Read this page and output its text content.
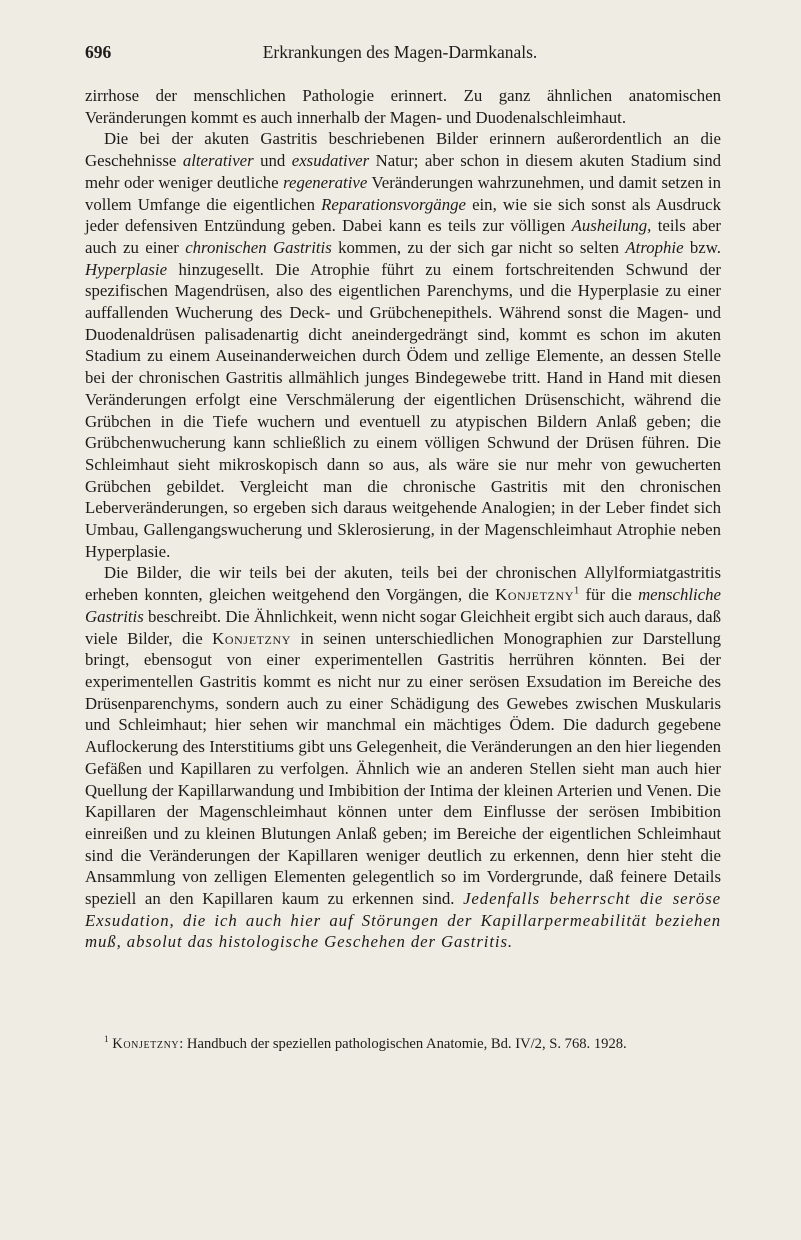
696	Erkrankungen des Magen-Darmkanals.

zirrhose der menschlichen Pathologie erinnert. Zu ganz ähnlichen anatomischen Veränderungen kommt es auch innerhalb der Magen- und Duodenalschleimhaut.

Die bei der akuten Gastritis beschriebenen Bilder erinnern außerordentlich an die Geschehnisse alterativer und exsudativer Natur; aber schon in diesem akuten Stadium sind mehr oder weniger deutliche regenerative Veränderungen wahrzunehmen, und damit setzen in vollem Umfange die eigentlichen Reparationsvorgänge ein, wie sie sich sonst als Ausdruck jeder defensiven Entzündung geben. Dabei kann es teils zur völligen Ausheilung, teils aber auch zu einer chronischen Gastritis kommen, zu der sich gar nicht so selten Atrophie bzw. Hyperplasie hinzugesellt. Die Atrophie führt zu einem fortschreitenden Schwund der spezifischen Magendrüsen, also des eigentlichen Parenchyms, und die Hyperplasie zu einer auffallenden Wucherung des Deck- und Grübchenepithels. Während sonst die Magen- und Duodenaldrüsen palisadenartig dicht aneindergedrängt sind, kommt es schon im akuten Stadium zu einem Auseinanderweichen durch Ödem und zellige Elemente, an dessen Stelle bei der chronischen Gastritis allmählich junges Bindegewebe tritt. Hand in Hand mit diesen Veränderungen erfolgt eine Verschmälerung der eigentlichen Drüsenschicht, während die Grübchen in die Tiefe wuchern und eventuell zu atypischen Bildern Anlaß geben; die Grübchenwucherung kann schließlich zu einem völligen Schwund der Drüsen führen. Die Schleimhaut sieht mikroskopisch dann so aus, als wäre sie nur mehr von gewucherten Grübchen gebildet. Vergleicht man die chronische Gastritis mit den chronischen Leberveränderungen, so ergeben sich daraus weitgehende Analogien; in der Leber findet sich Umbau, Gallengangswucherung und Sklerosierung, in der Magenschleimhaut Atrophie neben Hyperplasie.

Die Bilder, die wir teils bei der akuten, teils bei der chronischen Allylformiatgastritis erheben konnten, gleichen weitgehend den Vorgängen, die Konjetzny$^1$ für die menschliche Gastritis beschreibt. Die Ähnlichkeit, wenn nicht sogar Gleichheit ergibt sich auch daraus, daß viele Bilder, die Konjetzny in seinen unterschiedlichen Monographien zur Darstellung bringt, ebensogut von einer experimentellen Gastritis herrühren könnten. Bei der experimentellen Gastritis kommt es nicht nur zu einer serösen Exsudation im Bereiche des Drüsenparenchyms, sondern auch zu einer Schädigung des Gewebes zwischen Muskularis und Schleimhaut; hier sehen wir manchmal ein mächtiges Ödem. Die dadurch gegebene Auflockerung des Interstitiums gibt uns Gelegenheit, die Veränderungen an den hier liegenden Gefäßen und Kapillaren zu verfolgen. Ähnlich wie an anderen Stellen sieht man auch hier Quellung der Kapillarwandung und Imbibition der Intima der kleinen Arterien und Venen. Die Kapillaren der Magenschleimhaut können unter dem Einflusse der serösen Imbibition einreißen und zu kleinen Blutungen Anlaß geben; im Bereiche der eigentlichen Schleimhaut sind die Veränderungen der Kapillaren weniger deutlich zu erkennen, denn hier steht die Ansammlung von zelligen Elementen gelegentlich so im Vordergrunde, daß feinere Details speziell an den Kapillaren kaum zu erkennen sind. Jedenfalls beherrscht die seröse Exsudation, die ich auch hier auf Störungen der Kapillarpermeabilität beziehen muß, absolut das histologische Geschehen der Gastritis.

$^1$ Konjetzny: Handbuch der speziellen pathologischen Anatomie, Bd. IV/2, S. 768. 1928.
